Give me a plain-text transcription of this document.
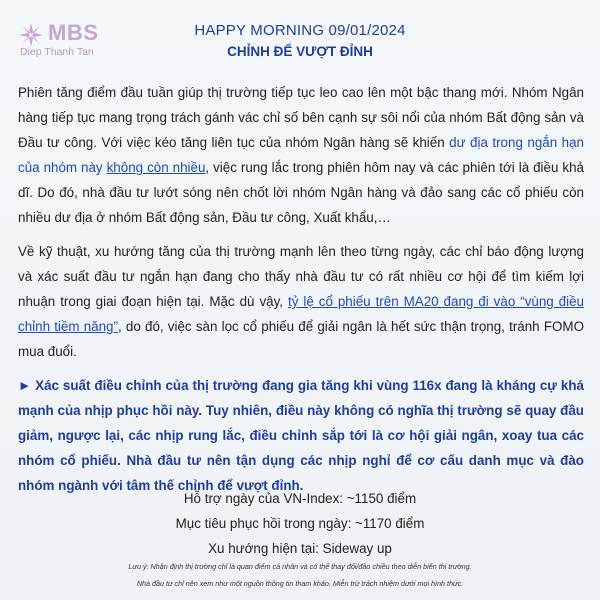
MBS
Diep Thanh Tan
HAPPY MORNING 09/01/2024
CHỈNH ĐỂ VƯỢT ĐỈNH

Phiên tăng điểm đầu tuần giúp thị trường tiếp tục leo cao lên một bậc thang mới. Nhóm Ngân hàng tiếp tục mang trọng trách gánh vác chỉ số bên cạnh sự sôi nổi của nhóm Bất động sản và Đầu tư công. Với việc kéo tăng liên tục của nhóm Ngân hàng sẽ khiến dư địa trong ngắn hạn của nhóm này không còn nhiều, việc rung lắc trong phiên hôm nay và các phiên tới là điều khả dĩ. Do đó, nhà đầu tư lướt sóng nên chốt lời nhóm Ngân hàng và đảo sang các cổ phiếu còn nhiều dư địa ở nhóm Bất động sản, Đầu tư công, Xuất khẩu,…

Về kỹ thuật, xu hướng tăng của thị trường mạnh lên theo từng ngày, các chỉ báo động lượng và xác suất đầu tư ngắn hạn đang cho thấy nhà đầu tư có rất nhiều cơ hội để tìm kiếm lợi nhuận trong giai đoạn hiện tại. Mặc dù vậy, tỷ lệ cổ phiếu trên MA20 đang đi vào “vùng điều chỉnh tiềm năng”, do đó, việc sàn lọc cổ phiếu để giải ngân là hết sức thận trọng, tránh FOMO mua đuổi.

► Xác suất điều chỉnh của thị trường đang gia tăng khi vùng 116x đang là kháng cự khá mạnh của nhịp phục hồi này. Tuy nhiên, điều này không có nghĩa thị trường sẽ quay đầu giảm, ngược lại, các nhịp rung lắc, điều chỉnh sắp tới là cơ hội giải ngân, xoay tua các nhóm cổ phiếu. Nhà đầu tư nên tận dụng các nhịp nghỉ để cơ cấu danh mục và đào nhóm ngành với tâm thế chỉnh để vượt đỉnh.

Hỗ trợ ngày của VN-Index: ~1150 điểm
Mục tiêu phục hồi trong ngày: ~1170 điểm
Xu hướng hiện tại: Sideway up
Lưu ý: Nhận định thị trường chỉ là quan điểm cá nhân và có thể thay đổi/đảo chiều theo diễn biến thị trường.
Nhà đầu tư chỉ nên xem như một nguồn thông tin tham khảo. Miễn trừ trách nhiệm dưới mọi hình thức.
